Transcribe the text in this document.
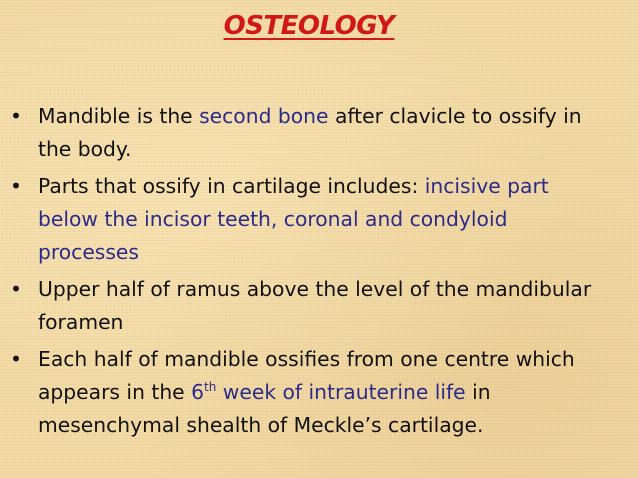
OSTEOLOGY
• Mandible is the second bone after clavicle to ossify in the body.
• Parts that ossify in cartilage includes: incisive part below the incisor teeth, coronal and condyloid processes
• Upper half of ramus above the level of the mandibular foramen
• Each half of mandible ossifies from one centre which appears in the 6th week of intrauterine life in mesenchymal shealth of Meckle’s cartilage.
